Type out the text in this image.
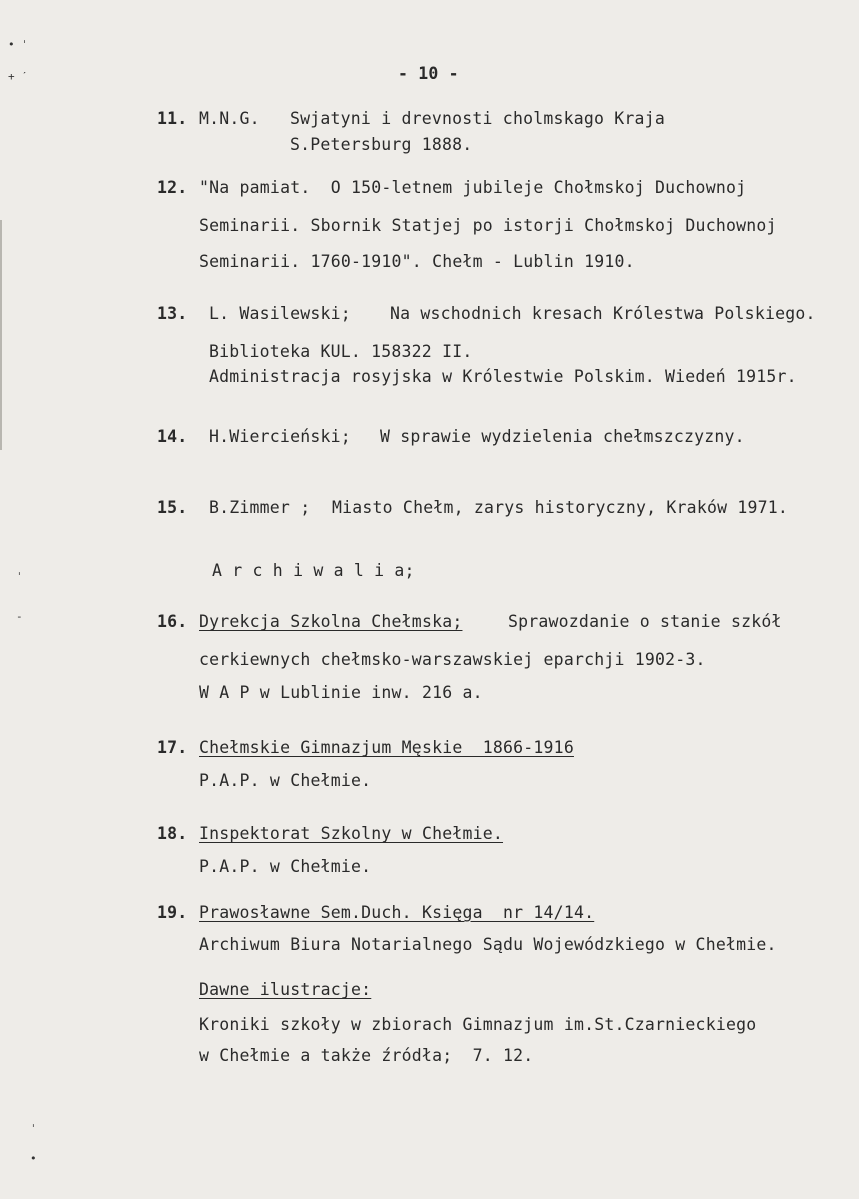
• ˈ
+ ˊ
ˈ
-
ˈ
•
- 10 -
11. M.N.G. Swjatyni i drevnosti cholmskago Kraja
S.Petersburg 1888.
12. "Na pamiat.  O 150-letnem jubileje Chołmskoj Duchownoj
Seminarii. Sbornik Statjej po istorji Chołmskoj Duchownoj
Seminarii. 1760-1910". Chełm - Lublin 1910.
13. L. Wasilewski; Na wschodnich kresach Królestwa Polskiego.
Biblioteka KUL. 158322 II.
Administracja rosyjska w Królestwie Polskim. Wiedeń 1915r.
14. H.Wiercieński; W sprawie wydzielenia chełmszczyzny.
15. B.Zimmer ; Miasto Chełm, zarys historyczny, Kraków 1971.
A r c h i w a l i a;
16. Dyrekcja Szkolna Chełmska;	Sprawozdanie o stanie szkół
cerkiewnych chełmsko-warszawskiej eparchji 1902-3.
W A P w Lublinie inw. 216 a.
17. Chełmskie Gimnazjum Męskie  1866-1916
P.A.P. w Chełmie.
18. Inspektorat Szkolny w Chełmie.
P.A.P. w Chełmie.
19. Prawosławne Sem.Duch. Księga  nr 14/14.
Archiwum Biura Notarialnego Sądu Wojewódzkiego w Chełmie.
Dawne ilustracje:
Kroniki szkoły w zbiorach Gimnazjum im.St.Czarnieckiego
w Chełmie a także źródła;  7. 12.
